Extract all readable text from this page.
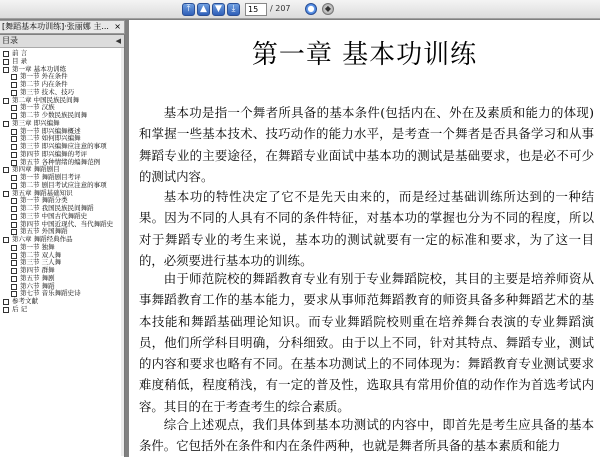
⤒	▲ ▼	⤓	15	/ 207	●	◆
[舞蹈基本功训练]·张丽娜 主... ×
目录	◀
前 言
目 录
第一章 基本功训练
第一节 外在条件
第二节 内在条件
第三节 技术、技巧
第二章 中国民族民间舞
第一节 汉族
第二节 少数民族民间舞
第三章 即兴编舞
第一节 即兴编舞概述
第二节 如何即兴编舞
第三节 即兴编舞应注意的事项
第四节 即兴编舞的考评
第五节 各种情绪的编舞范例
第四章 舞蹈剧目
第一节 舞蹈剧目考评
第二节 剧目考试应注意的事项
第五章 舞蹈基础知识
第一节 舞蹈分类
第二节 我国民族民间舞蹈
第三节 中国古代舞蹈史
第四节 中国近现代、当代舞蹈史
第五节 外国舞蹈
第六章 舞蹈经典作品
第一节 独舞
第二节 双人舞
第三节 三人舞
第四节 群舞
第五节 舞剧
第六节 舞蹈
第七节 音乐舞蹈史诗
参考文献
后 记
第一章 基本功训练

基本功是指一个舞者所具备的基本条件(包括内在、外在及素质和能力的体现)和掌握一些基本技术、技巧动作的能力水平，是考查一个舞者是否具备学习和从事舞蹈专业的主要途径，在舞蹈专业面试中基本功的测试是基础要求，也是必不可少的测试内容。

基本功的特性决定了它不是先天由来的，而是经过基础训练所达到的一种结果。因为不同的人具有不同的条件特征，对基本功的掌握也分为不同的程度，所以对于舞蹈专业的考生来说，基本功的测试就要有一定的标准和要求，为了这一目的，必须要进行基本功的训练。

由于师范院校的舞蹈教育专业有别于专业舞蹈院校，其目的主要是培养师资从事舞蹈教育工作的基本能力，要求从事师范舞蹈教育的师资具备多种舞蹈艺术的基本技能和舞蹈基础理论知识。而专业舞蹈院校则重在培养舞台表演的专业舞蹈演员，他们所学科目明确，分科细致。由于以上不同，针对其特点、舞蹈专业，测试的内容和要求也略有不同。在基本功测试上的不同体现为：舞蹈教育专业测试要求难度稍低，程度稍浅，有一定的普及性，选取具有常用价值的动作作为首选考试内容。其目的在于考查考生的综合素质。

综合上述观点，我们具体到基本功测试的内容中，即首先是考生应具备的基本条件。它包括外在条件和内在条件两种，也就是舞者所具备的基本素质和能力
